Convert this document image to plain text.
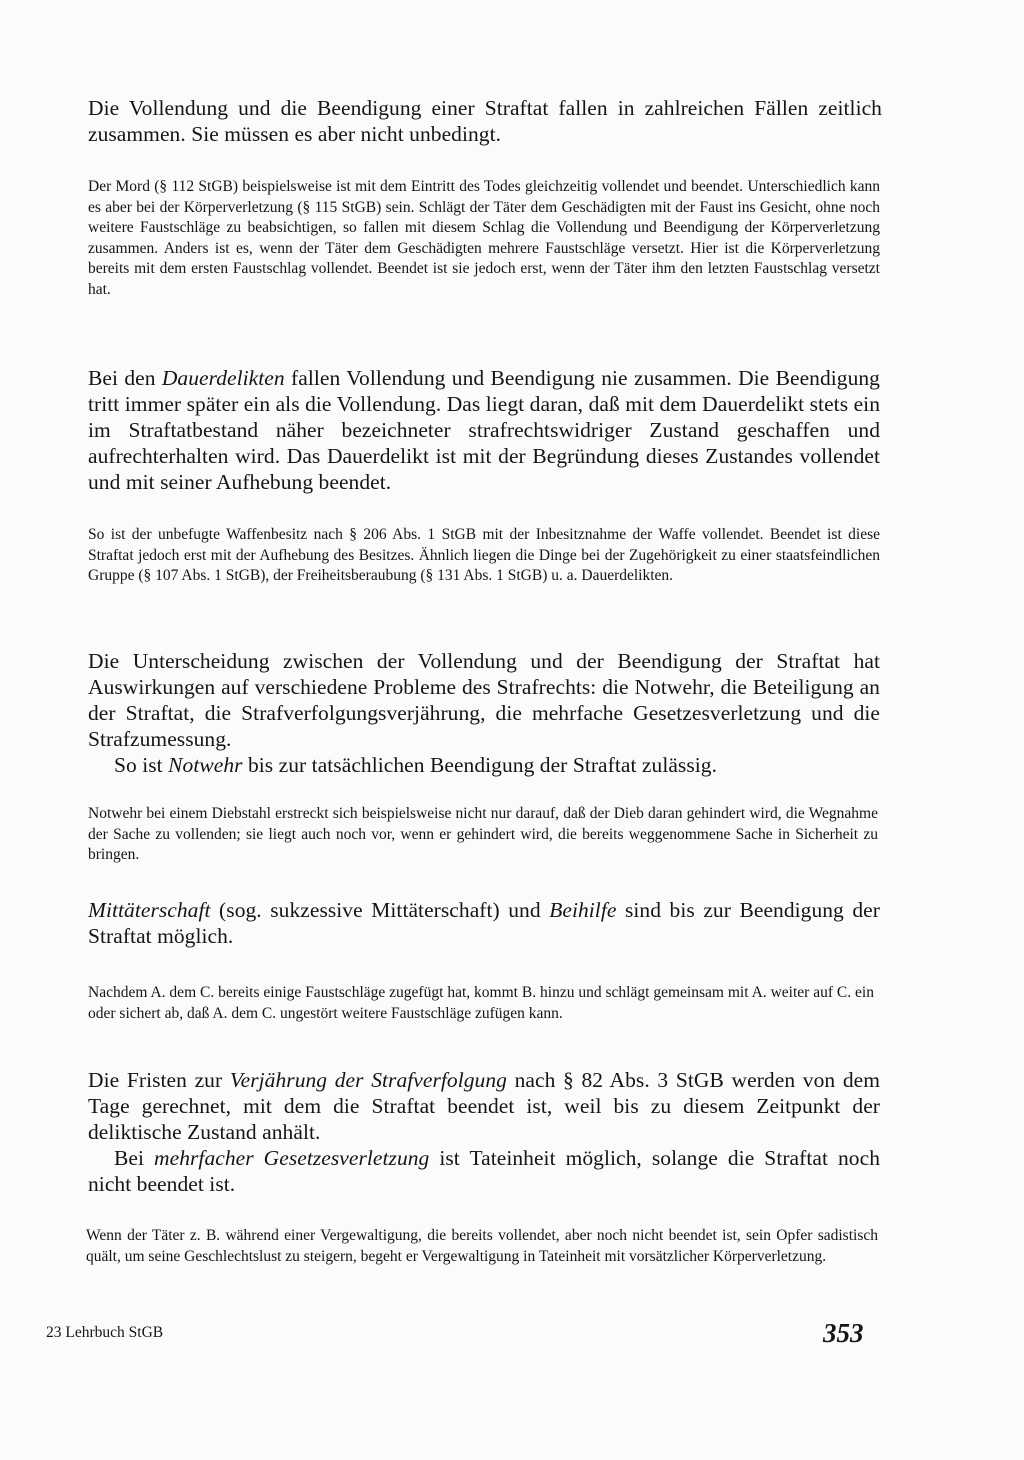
Die Vollendung und die Beendigung einer Straftat fallen in zahlreichen Fällen zeitlich zusammen. Sie müssen es aber nicht unbedingt.

Der Mord (§ 112 StGB) beispielsweise ist mit dem Eintritt des Todes gleichzeitig vollendet und beendet. Unterschiedlich kann es aber bei der Körperverletzung (§ 115 StGB) sein. Schlägt der Täter dem Geschädigten mit der Faust ins Gesicht, ohne noch weitere Faustschläge zu beabsichtigen, so fallen mit diesem Schlag die Vollendung und Beendigung der Körperverletzung zusammen. Anders ist es, wenn der Täter dem Geschädigten mehrere Faustschläge versetzt. Hier ist die Körperverletzung bereits mit dem ersten Faustschlag vollendet. Beendet ist sie jedoch erst, wenn der Täter ihm den letzten Faustschlag versetzt hat.

Bei den Dauerdelikten fallen Vollendung und Beendigung nie zusammen. Die Beendigung tritt immer später ein als die Vollendung. Das liegt daran, daß mit dem Dauerdelikt stets ein im Straftatbestand näher bezeichneter strafrechtswidriger Zustand geschaffen und aufrechterhalten wird. Das Dauerdelikt ist mit der Begründung dieses Zustandes vollendet und mit seiner Aufhebung beendet.

So ist der unbefugte Waffenbesitz nach § 206 Abs. 1 StGB mit der Inbesitznahme der Waffe vollendet. Beendet ist diese Straftat jedoch erst mit der Aufhebung des Besitzes. Ähnlich liegen die Dinge bei der Zugehörigkeit zu einer staatsfeindlichen Gruppe (§ 107 Abs. 1 StGB), der Freiheitsberaubung (§ 131 Abs. 1 StGB) u. a. Dauerdelikten.

Die Unterscheidung zwischen der Vollendung und der Beendigung der Straftat hat Auswirkungen auf verschiedene Probleme des Strafrechts: die Notwehr, die Beteiligung an der Straftat, die Strafverfolgungsverjährung, die mehrfache Gesetzesverletzung und die Strafzumessung.

So ist Notwehr bis zur tatsächlichen Beendigung der Straftat zulässig.

Notwehr bei einem Diebstahl erstreckt sich beispielsweise nicht nur darauf, daß der Dieb daran gehindert wird, die Wegnahme der Sache zu vollenden; sie liegt auch noch vor, wenn er gehindert wird, die bereits weggenommene Sache in Sicherheit zu bringen.

Mittäterschaft (sog. sukzessive Mittäterschaft) und Beihilfe sind bis zur Beendigung der Straftat möglich.

Nachdem A. dem C. bereits einige Faustschläge zugefügt hat, kommt B. hinzu und schlägt gemeinsam mit A. weiter auf C. ein oder sichert ab, daß A. dem C. ungestört weitere Faustschläge zufügen kann.

Die Fristen zur Verjährung der Strafverfolgung nach § 82 Abs. 3 StGB werden von dem Tage gerechnet, mit dem die Straftat beendet ist, weil bis zu diesem Zeitpunkt der deliktische Zustand anhält.

Bei mehrfacher Gesetzesverletzung ist Tateinheit möglich, solange die Straftat noch nicht beendet ist.

Wenn der Täter z. B. während einer Vergewaltigung, die bereits vollendet, aber noch nicht beendet ist, sein Opfer sadistisch quält, um seine Geschlechtslust zu steigern, begeht er Vergewaltigung in Tateinheit mit vorsätzlicher Körperverletzung.

23 Lehrbuch StGB	353
